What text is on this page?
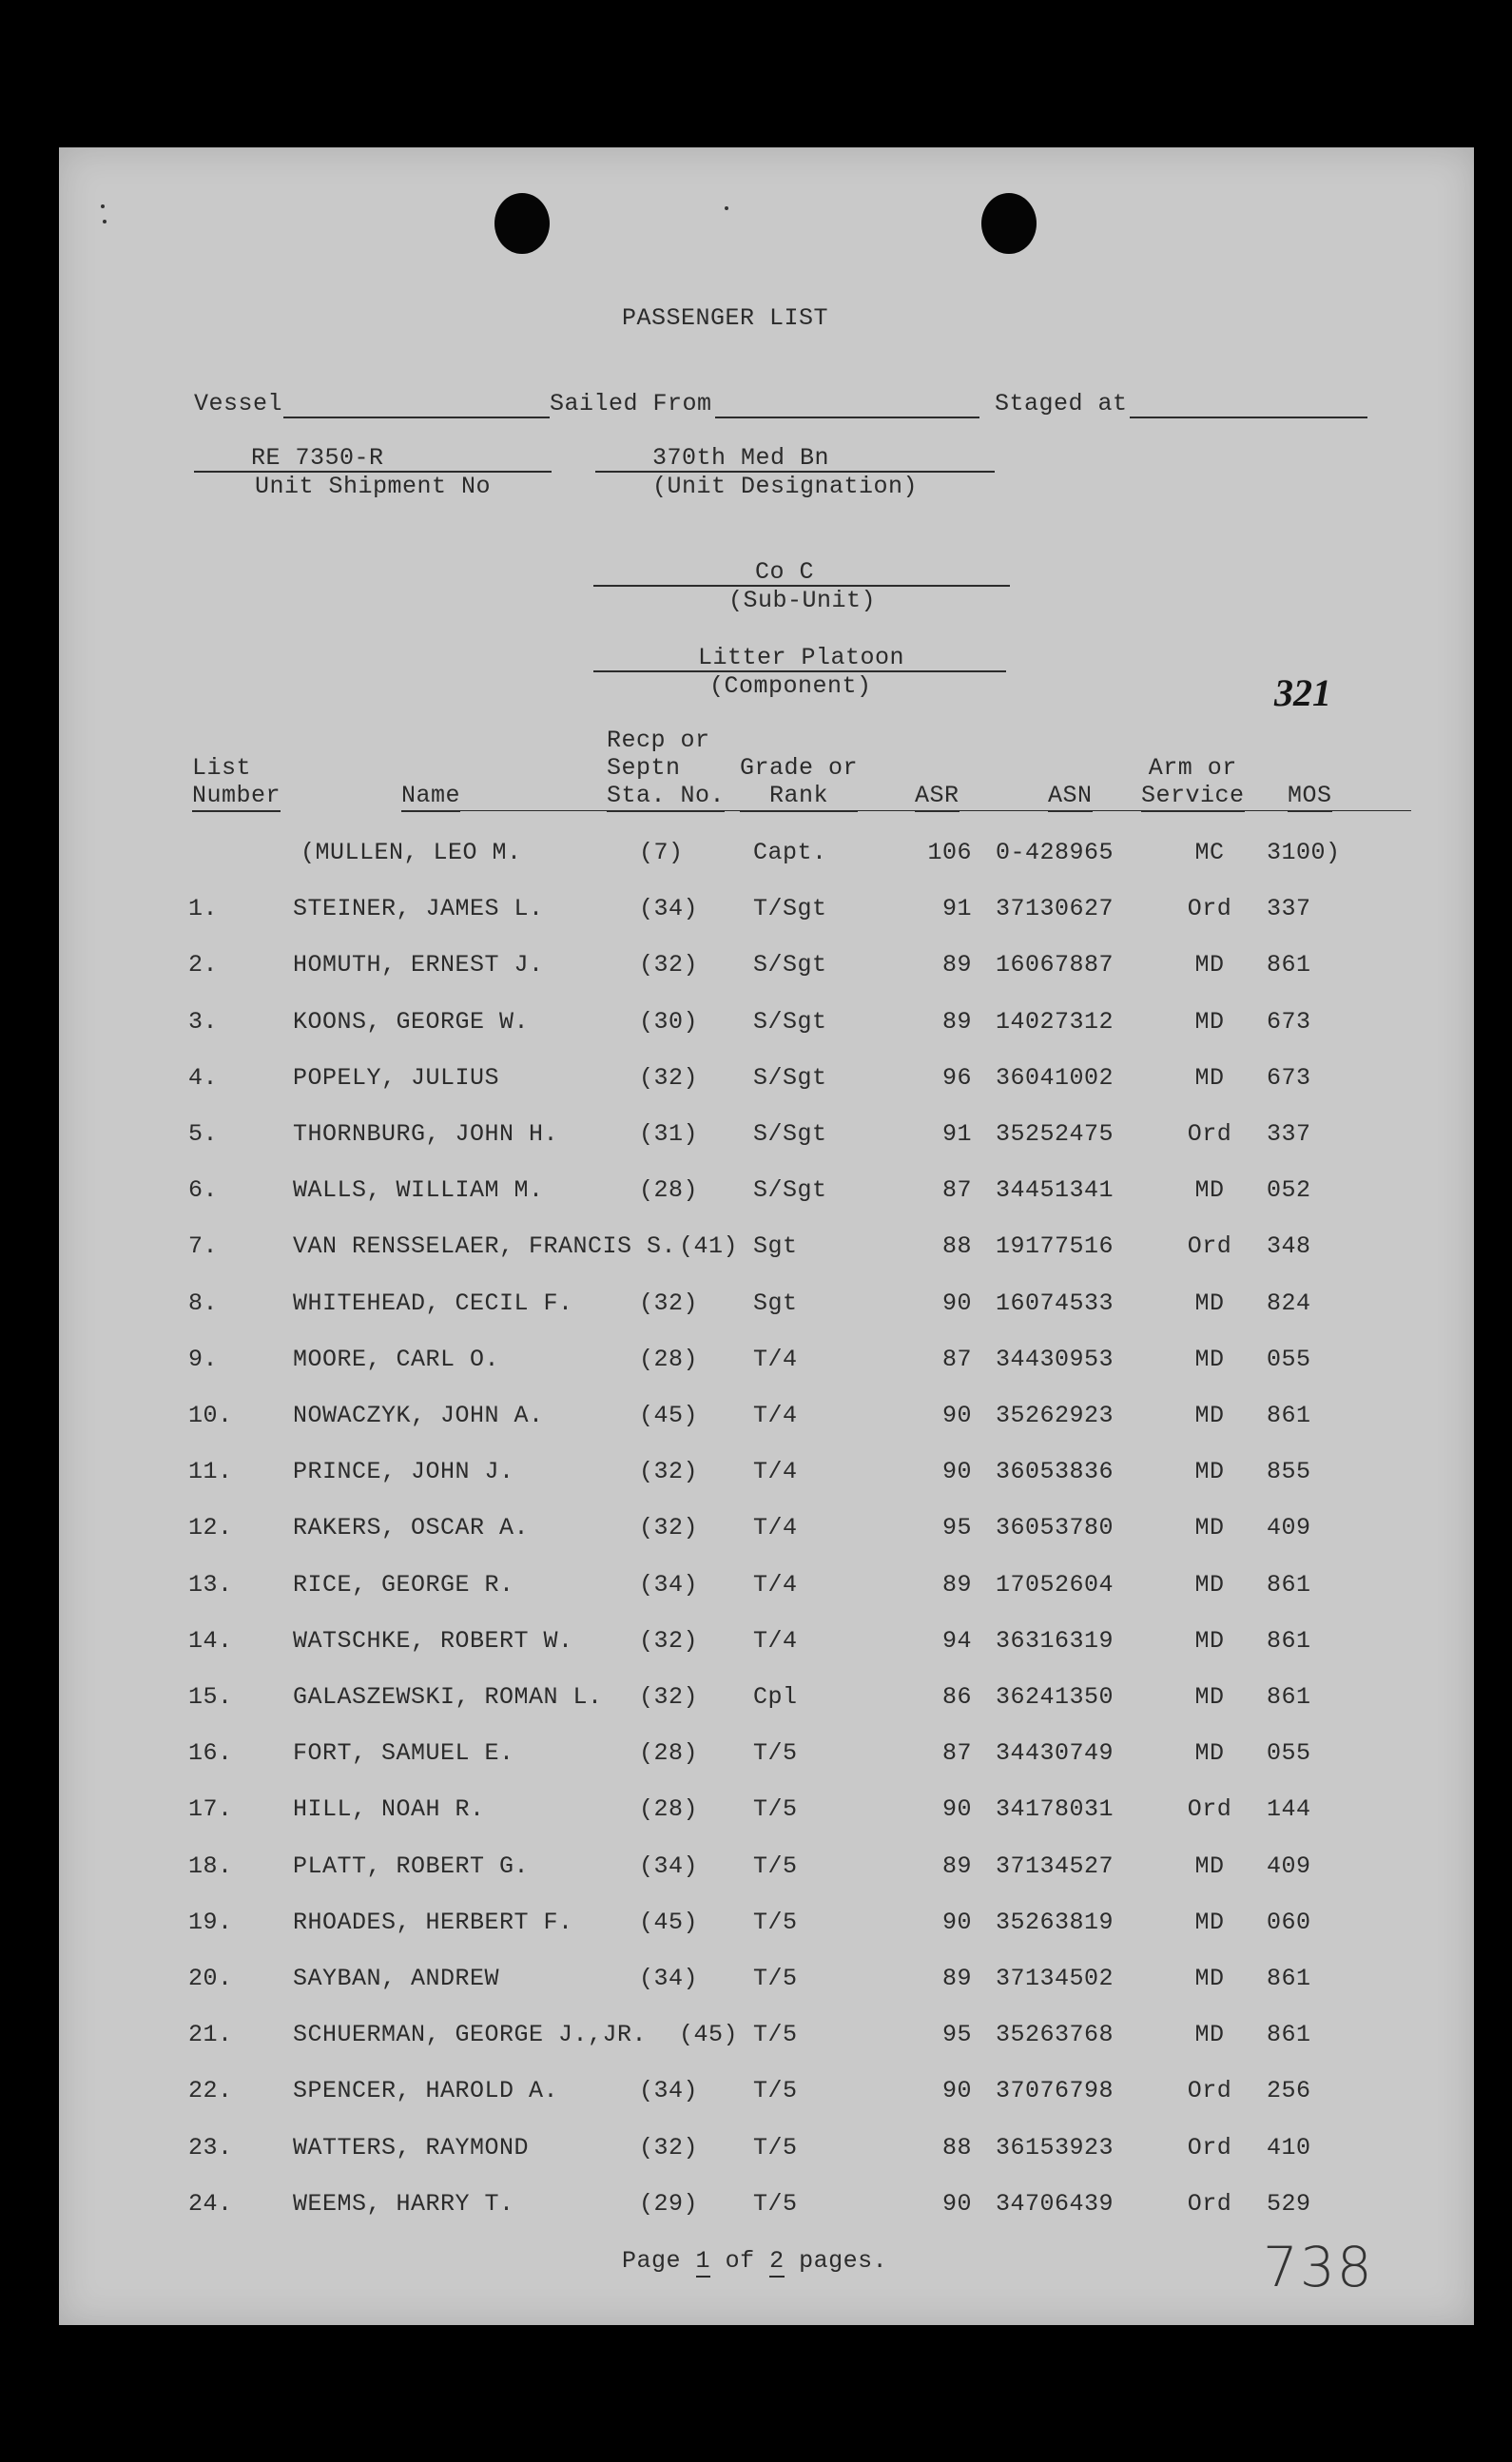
PASSENGER LIST
Vessel	Sailed From	Staged at
RE 7350-R
Unit Shipment No
370th Med Bn
(Unit Designation)
Co C
(Sub-Unit)
Litter Platoon
(Component)	321
List
Number	Name
Recp or
Septn
Sta. No.
Grade or
Rank	ASR	ASN
Arm or
Service MOS
(MULLEN, LEO M.	(7)	Capt.	106 0-428965	MC	3100)
1.	STEINER, JAMES L.	(34) T/Sgt	91 37130627	Ord	337
2.	HOMUTH, ERNEST J.	(32) S/Sgt	89 16067887	MD	861
3.	KOONS, GEORGE W.	(30) S/Sgt	89 14027312	MD	673
4.	POPELY, JULIUS	(32) S/Sgt	96 36041002	MD	673
5.	THORNBURG, JOHN H.	(31) S/Sgt	91 35252475	Ord	337
6.	WALLS, WILLIAM M.	(28) S/Sgt	87 34451341	MD	052
7.	VAN RENSSELAER, FRANCIS S. (41) Sgt	88 19177516	Ord	348
8.	WHITEHEAD, CECIL F.	(32) Sgt	90 16074533	MD	824
9.	MOORE, CARL O.	(28) T/4	87 34430953	MD	055
10.	NOWACZYK, JOHN A.	(45) T/4	90 35262923	MD	861
11.	PRINCE, JOHN J.	(32) T/4	90 36053836	MD	855
12.	RAKERS, OSCAR A.	(32) T/4	95 36053780	MD	409
13.	RICE, GEORGE R.	(34) T/4	89 17052604	MD	861
14.	WATSCHKE, ROBERT W.	(32) T/4	94 36316319	MD	861
15.	GALASZEWSKI, ROMAN L. (32) Cpl	86 36241350	MD	861
16.	FORT, SAMUEL E.	(28) T/5	87 34430749	MD	055
17.	HILL, NOAH R.	(28) T/5	90 34178031	Ord	144
18.	PLATT, ROBERT G.	(34) T/5	89 37134527	MD	409
19.	RHOADES, HERBERT F.	(45) T/5	90 35263819	MD	060
20.	SAYBAN, ANDREW	(34) T/5	89 37134502	MD	861
21.	SCHUERMAN, GEORGE J.,JR. (45) T/5	95 35263768	MD	861
22.	SPENCER, HAROLD A.	(34) T/5	90 37076798	Ord	256
23.	WATTERS, RAYMOND	(32) T/5	88 36153923	Ord	410
24.	WEEMS, HARRY T.	(29) T/5	90 34706439	Ord	529
Page 1 of 2 pages.	738
